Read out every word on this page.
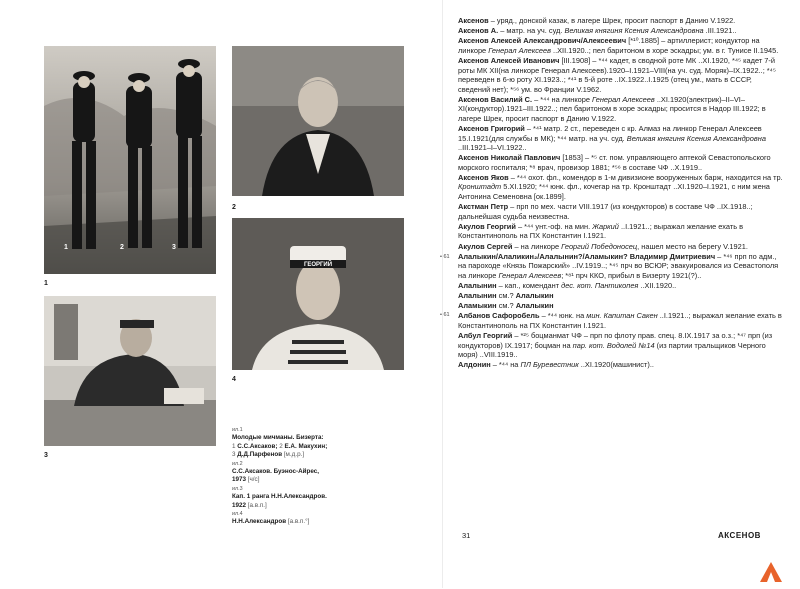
1	2	3
1
2
3
ГЕОРГИЙ
4
ил.1
Молодые мичманы. Бизерта:
1 С.С.Аксаков; 2 Е.А. Макухин;
3 Д.Д.Парфенов [м.д.р.]
ил.2
С.С.Аксаков. Буэнос-Айрес,
1973 [ч/с]
ил.3
Кап. 1 ранга Н.Н.Александров.
1922 [а.в.п.]
ил.4
Н.Н.Александров [а.в.п.°]
• 61
• 61
Аксенов – уряд., донской казак, в лагере Шрек, просит паспорт в Данию V.1922.
Аксенов А. – матр. на уч. суд. Великая княгиня Ксения Александровна .III.1921..
Аксенов Алексей Александрович/Алексеевич [*¹⁰.1885] – артиллерист; кондуктор на линкоре Генерал Алексеев ..XII.1920..; пел баритоном в хоре эскадры; ум. в г. Тунисе II.1945.
Аксенов Алексей Иванович [III.1908] – *⁴⁴ кадет, в сводной роте МК ..XI.1920, *⁴⁵ кадет 7-й роты МК XII(на линкоре Генерал Алексеев).1920–I.1921–VIII(на уч. суд. Моряк)–IX.1922..; *⁴⁵ переведен в 6-ю роту XI.1923..; *⁴¹ в 5-й роте ..IX.1922..I.1925 (отец ум., мать в СССР, сведений нет); *⁵⁶ ум. во Франции V.1962.
Аксенов Василий С. – *⁴⁴ на линкоре Генерал Алексеев ..XI.1920(электрик)–II–VI–XI(кондуктор).1921–III.1922..; пел баритоном в хоре эскадры; просится в Надор III.1922; в лагере Шрек, просит паспорт в Данию V.1922.
Аксенов Григорий – *⁴¹ матр. 2 ст., переведен с кр. Алмаз на линкор Генерал Алексеев 15.I.1921(для службы в МК); *⁴⁴ матр. на уч. суд. Великая княгиня Ксения Александровна ..III.1921–I–VI.1922..
Аксенов Николай Павлович [1853] – *⁵ ст. пом. управляющего аптекой Севастопольского морского госпиталя; *⁸ врач, провизор 1881; *⁵⁶ в составе ЧФ ..X.1919..
Аксенов Яков – *⁴⁴ охот. фл., комендор в 1-м дивизионе вооруженных барж, находится на тр. Кронштадт 5.XI.1920; *⁴⁴ юнк. фл., кочегар на тр. Кронштадт ..XI.1920–I.1921, с ним жена Антонина Семеновна [ок.1899].
Акстман Петр – прп по мех. части VIII.1917 (из кондукторов) в составе ЧФ ..IX.1918..; дальнейшая судьба неизвестна.
Акулов Георгий – *⁴⁴ унт.-оф. на мин. Жаркий ..I.1921..; выражал желание ехать в Константинополь на ПХ Константин I.1921.
Акулов Сергей – на линкоре Георгий Победоносец, нашел место на берегу V.1921.
Алалыкин/Алаликин₂/Алалынин?/Аламыкин? Владимир Дмитриевич – *⁴⁶ прп по адм., на пароходе «Князь Пожарский» ..IV.1919..; *⁴⁵ прч во ВСЮР; эвакуировался из Севастополя на линкоре Генерал Алексеев; *⁸¹ прч ККО, прибыл в Бизерту 1921(?)..
Алалынин – кап., комендант дес. кот. Пантикопея ..XII.1920..
Алалынин см.? Алалыкин
Аламыкин см.? Алалыкин
Албанов Сафоробель – *⁴⁴ юнк. на мин. Капитан Сакен ..I.1921..; выражал желание ехать в Константинополь на ПХ Константин I.1921.
Албул Георгий – *²⁵ боцманмат ЧФ – прп по флоту прав. спец. 8.IX.1917 за о.з.; *⁴⁷ прп (из кондукторов) IX.1917; боцман на пар. кот. Водолей №14 (из партии тральщиков Черного моря) ..VIII.1919..
Алдонин – *⁴⁴ на ПЛ Буревестник ..XI.1920(машинист)..
31	АКСЕНОВ
